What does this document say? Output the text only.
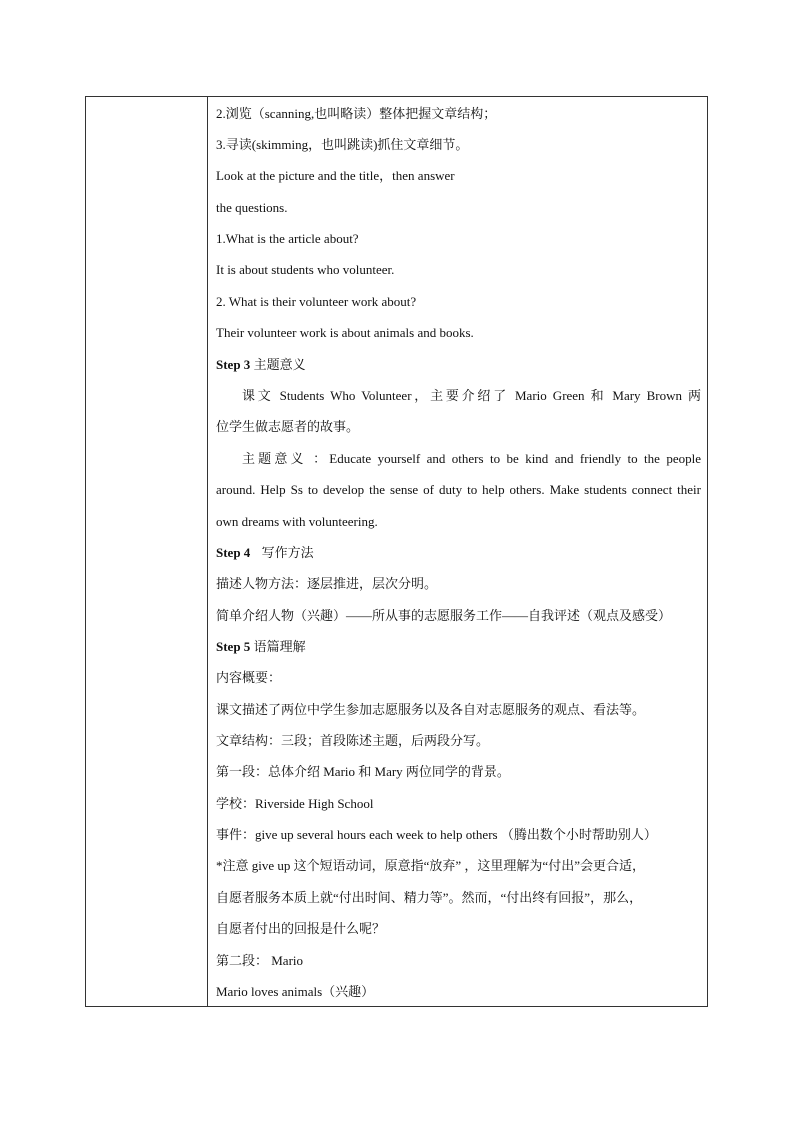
2.浏览（scanning,也叫略读）整体把握文章结构；
3.寻读(skimming，也叫跳读)抓住文章细节。
Look at the picture and the title，then answer
the questions.
1.What is the article about?
It is about students who volunteer.
2. What is their volunteer work about?
Their volunteer work is about animals and books.
Step 3 主题意义
课文 Students Who Volunteer，主要介绍了 Mario Green 和 Mary Brown 两
位学生做志愿者的故事。
主题意义 ：Educate yourself and others to be kind and friendly to the people
around. Help Ss to develop the sense of duty to help others. Make students connect their
own dreams with volunteering.
Step 4 写作方法
描述人物方法：逐层推进，层次分明。
简单介绍人物（兴趣）——所从事的志愿服务工作——自我评述（观点及感受）
Step 5 语篇理解
内容概要：
课文描述了两位中学生参加志愿服务以及各自对志愿服务的观点、看法等。
文章结构：三段；首段陈述主题，后两段分写。
第一段：总体介绍 Mario 和 Mary 两位同学的背景。
学校：Riverside High School
事件：give up several hours each week to help others （腾出数个小时帮助别人）
*注意 give up 这个短语动词，原意指“放弃” ，这里理解为“付出”会更合适，
自愿者服务本质上就“付出时间、精力等”。然而，“付出终有回报”，那么，
自愿者付出的回报是什么呢？
第二段： Mario
Mario loves animals（兴趣）
